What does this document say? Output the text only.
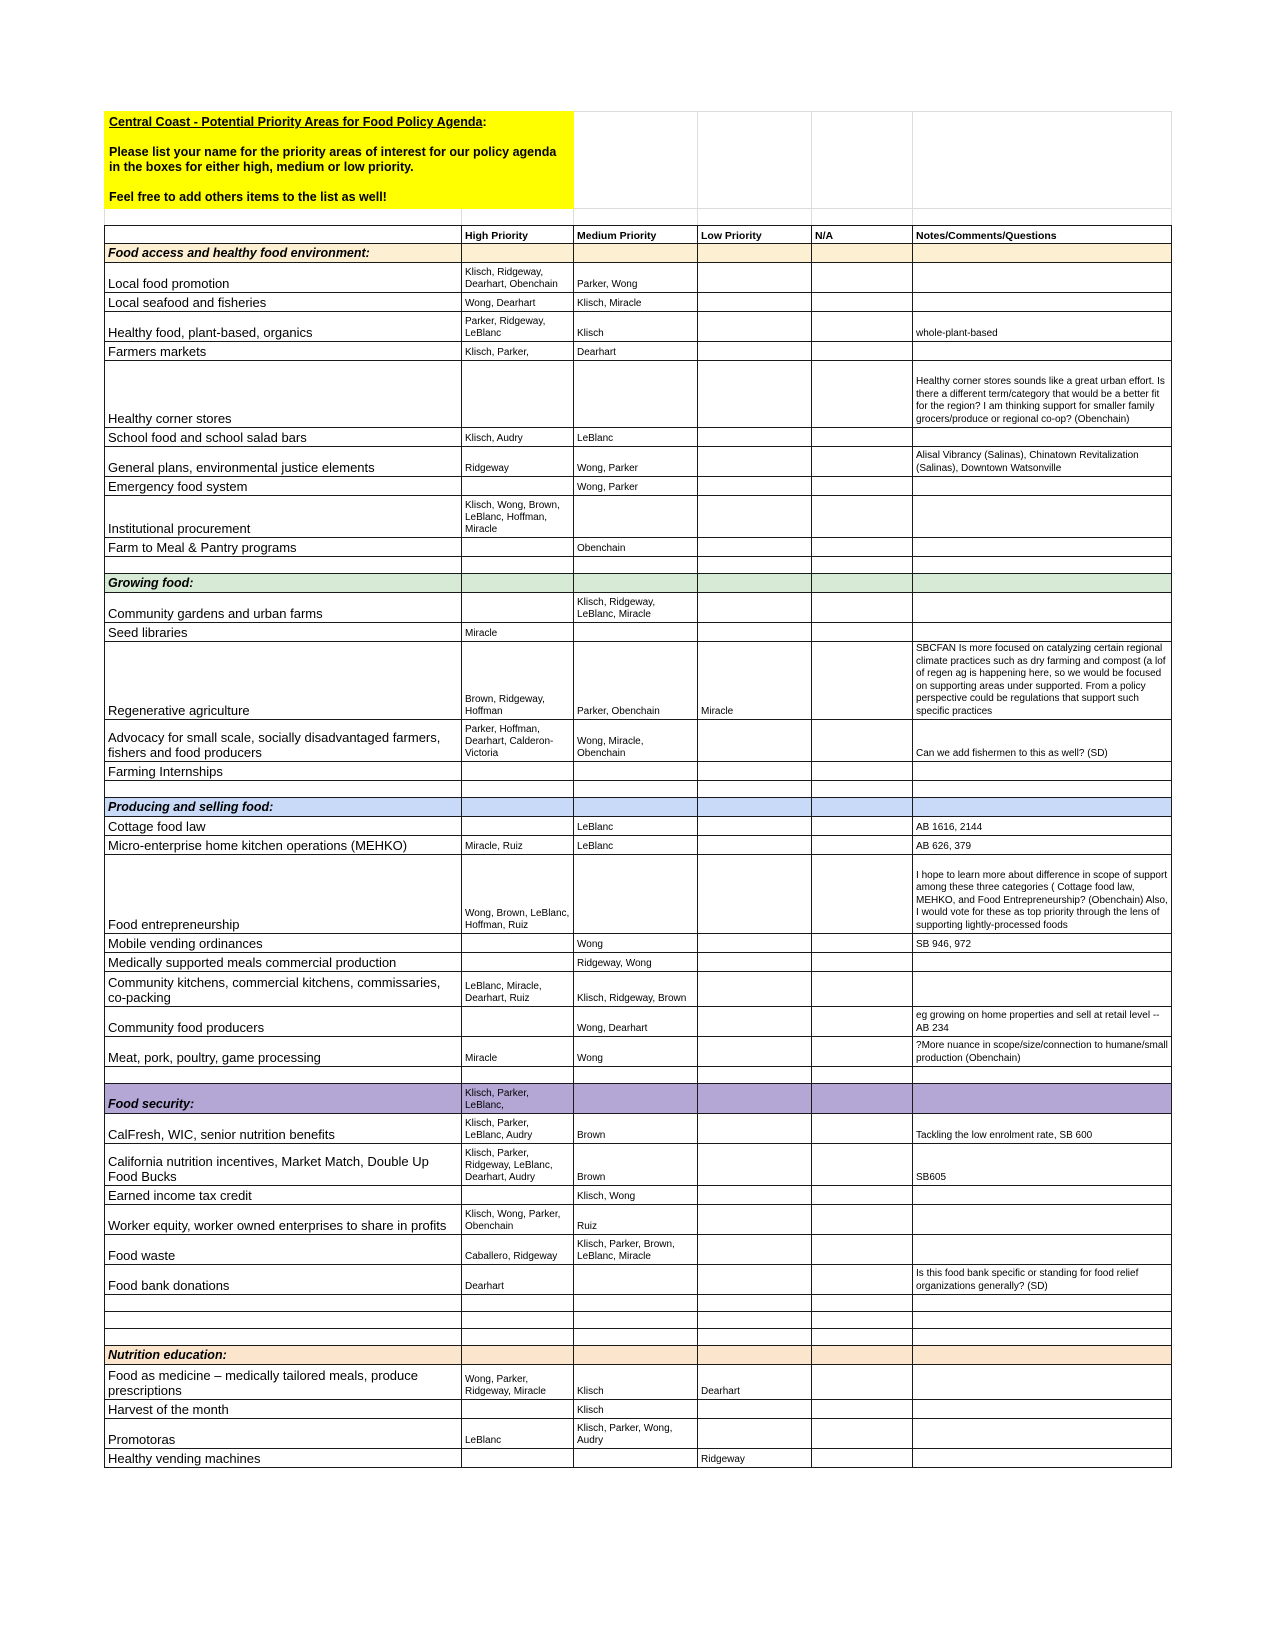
Central Coast - Potential Priority Areas for Food Policy Agenda:

Please list your name for the priority areas of interest for our policy agenda in the boxes for either high, medium or low priority.

Feel free to add others items to the list as well!					

	High Priority	Medium Priority	Low Priority	N/A	Notes/Comments/Questions
Food access and healthy food environment:					
Local food promotion	Klisch, Ridgeway, Dearhart, Obenchain	Parker, Wong			
Local seafood and fisheries	Wong, Dearhart	Klisch, Miracle			
Healthy food, plant-based, organics	Parker, Ridgeway, LeBlanc	Klisch			whole-plant-based
Farmers markets	Klisch, Parker,	Dearhart			
Healthy corner stores					Healthy corner stores sounds like a great urban effort. Is there a different term/category that would be a better fit for the region? I am thinking support for smaller family grocers/produce or regional co-op? (Obenchain)
School food and school salad bars	Klisch, Audry	LeBlanc			
General plans, environmental justice elements	Ridgeway	Wong, Parker			Alisal Vibrancy (Salinas), Chinatown Revitalization (Salinas), Downtown Watsonville
Emergency food system		Wong, Parker			
Institutional procurement	Klisch, Wong, Brown, LeBlanc, Hoffman, Miracle				
Farm to Meal & Pantry programs		Obenchain			

Growing food:					
Community gardens and urban farms		Klisch, Ridgeway, LeBlanc, Miracle			
Seed libraries	Miracle				
Regenerative agriculture	Brown, Ridgeway, Hoffman	Parker, Obenchain	Miracle		SBCFAN Is more focused on catalyzing certain regional climate practices such as dry farming and compost (a lof of regen ag is happening here, so we would be focused on supporting areas under supported. From a policy perspective could be regulations that support such specific practices
Advocacy for small scale, socially disadvantaged farmers, fishers and food producers	Parker, Hoffman, Dearhart, Calderon-Victoria	Wong, Miracle, Obenchain			Can we add fishermen to this as well? (SD)
Farming Internships					

Producing and selling food:					
Cottage food law		LeBlanc			AB 1616, 2144
Micro-enterprise home kitchen operations (MEHKO)	Miracle, Ruiz	LeBlanc			AB 626, 379
Food entrepreneurship	Wong, Brown, LeBlanc, Hoffman, Ruiz				I hope to learn more about difference in scope of support among these three categories ( Cottage food law, MEHKO, and Food Entrepreneurship? (Obenchain) Also, I would vote for these as top priority through the lens of supporting lightly-processed foods
Mobile vending ordinances		Wong			SB 946, 972
Medically supported meals commercial production		Ridgeway, Wong			
Community kitchens, commercial kitchens, commissaries, co-packing	LeBlanc, Miracle, Dearhart, Ruiz	Klisch, Ridgeway, Brown			
Community food producers		Wong, Dearhart			eg growing on home properties and sell at retail level -- AB 234
Meat, pork, poultry, game processing	Miracle	Wong			?More nuance in scope/size/connection to humane/small production (Obenchain)

Food security:	Klisch, Parker, LeBlanc,				
CalFresh, WIC, senior nutrition benefits	Klisch, Parker, LeBlanc, Audry	Brown			Tackling the low enrolment rate, SB 600
California nutrition incentives, Market Match, Double Up Food Bucks	Klisch, Parker, Ridgeway, LeBlanc, Dearhart, Audry	Brown			SB605
Earned income tax credit		Klisch, Wong			
Worker equity, worker owned enterprises to share in profits	Klisch, Wong, Parker, Obenchain	Ruiz			
Food waste	Caballero, Ridgeway	Klisch, Parker, Brown, LeBlanc, Miracle			
Food bank donations	Dearhart				Is this food bank specific or standing for food relief organizations generally? (SD)

Nutrition education:					
Food as medicine – medically tailored meals, produce prescriptions	Wong, Parker, Ridgeway, Miracle	Klisch	Dearhart		
Harvest of the month		Klisch			
Promotoras	LeBlanc	Klisch, Parker, Wong, Audry			
Healthy vending machines			Ridgeway		
